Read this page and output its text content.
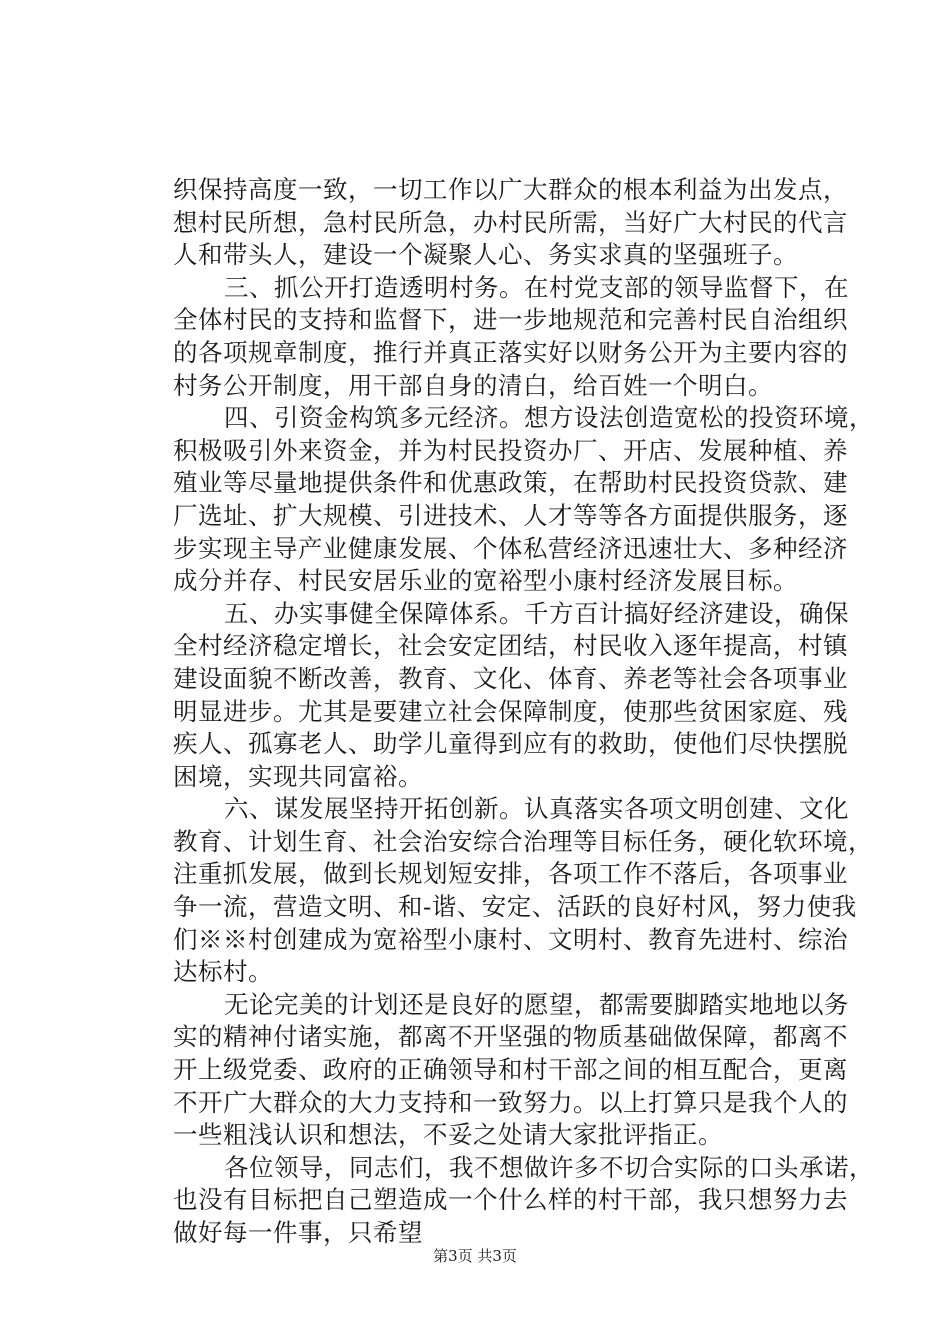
织保持高度一致，一切工作以广大群众的根本利益为出发点，
想村民所想，急村民所急，办村民所需，当好广大村民的代言
人和带头人，建设一个凝聚人心、务实求真的坚强班子。
三、抓公开打造透明村务。在村党支部的领导监督下，在
全体村民的支持和监督下，进一步地规范和完善村民自治组织
的各项规章制度，推行并真正落实好以财务公开为主要内容的
村务公开制度，用干部自身的清白，给百姓一个明白。
四、引资金构筑多元经济。想方设法创造宽松的投资环境，
积极吸引外来资金，并为村民投资办厂、开店、发展种植、养
殖业等尽量地提供条件和优惠政策，在帮助村民投资贷款、建
厂选址、扩大规模、引进技术、人才等等各方面提供服务，逐
步实现主导产业健康发展、个体私营经济迅速壮大、多种经济
成分并存、村民安居乐业的宽裕型小康村经济发展目标。
五、办实事健全保障体系。千方百计搞好经济建设，确保
全村经济稳定增长，社会安定团结，村民收入逐年提高，村镇
建设面貌不断改善，教育、文化、体育、养老等社会各项事业
明显进步。尤其是要建立社会保障制度，使那些贫困家庭、残
疾人、孤寡老人、助学儿童得到应有的救助，使他们尽快摆脱
困境，实现共同富裕。
六、谋发展坚持开拓创新。认真落实各项文明创建、文化
教育、计划生育、社会治安综合治理等目标任务，硬化软环境，
注重抓发展，做到长规划短安排，各项工作不落后，各项事业
争一流，营造文明、和-谐、安定、活跃的良好村风，努力使我
们※※村创建成为宽裕型小康村、文明村、教育先进村、综治
达标村。
无论完美的计划还是良好的愿望，都需要脚踏实地地以务
实的精神付诸实施，都离不开坚强的物质基础做保障，都离不
开上级党委、政府的正确领导和村干部之间的相互配合，更离
不开广大群众的大力支持和一致努力。以上打算只是我个人的
一些粗浅认识和想法，不妥之处请大家批评指正。
各位领导，同志们，我不想做许多不切合实际的口头承诺，
也没有目标把自己塑造成一个什么样的村干部，我只想努力去
做好每一件事，只希望
第3页 共3页
